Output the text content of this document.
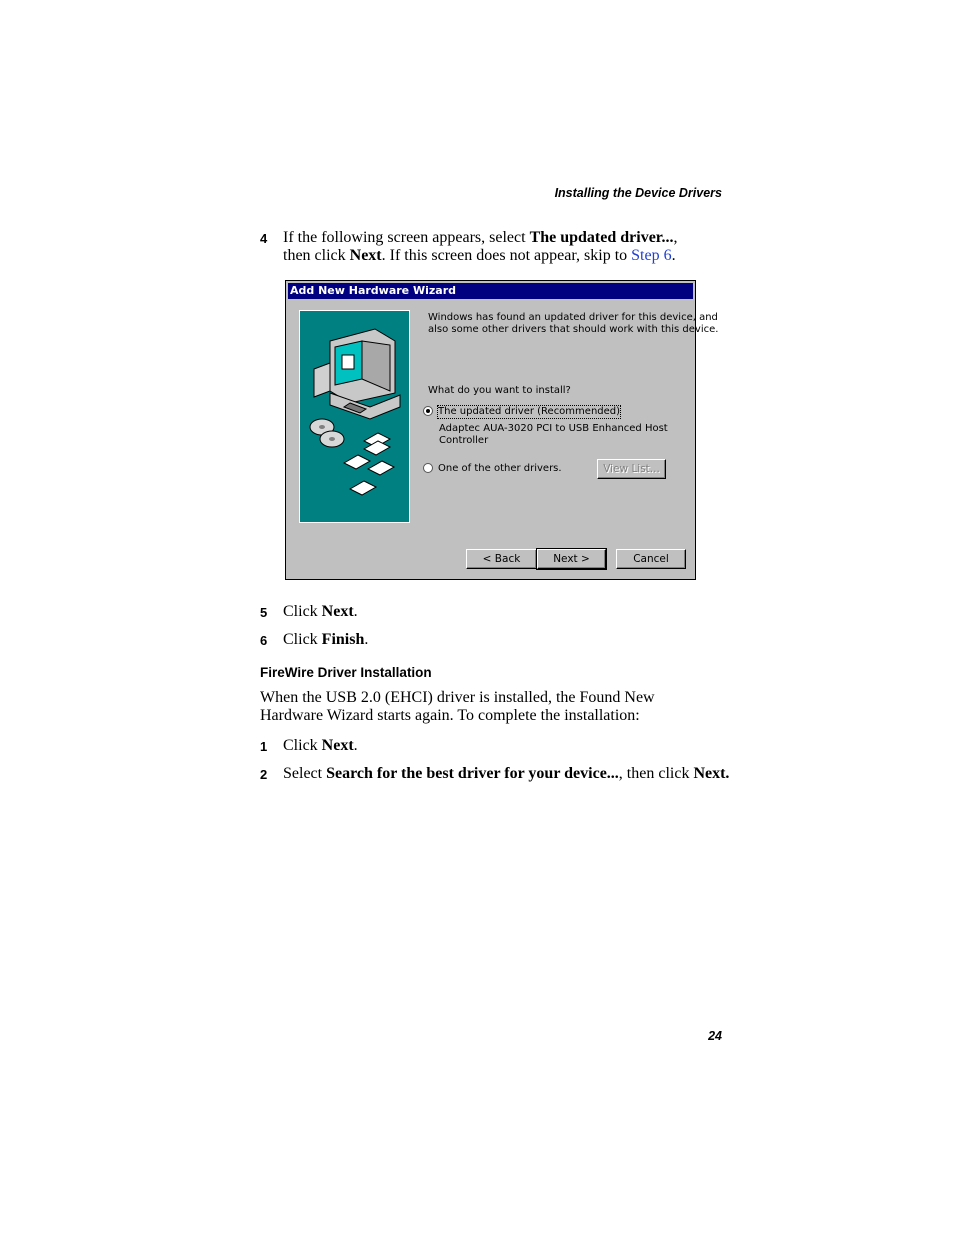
Installing the Device Drivers
4 If the following screen appears, select The updated driver...,
then click Next. If this screen does not appear, skip to Step 6.
Add New Hardware Wizard
Windows has found an updated driver for this device, and
also some other drivers that should work with this device.
What do you want to install?
The updated driver (Recommended)
Adaptec AUA-3020 PCI to USB Enhanced Host
Controller
One of the other drivers.	View List...
< Back	Next >	Cancel
5 Click Next.
6 Click Finish.
FireWire Driver Installation
When the USB 2.0 (EHCI) driver is installed, the Found New
Hardware Wizard starts again. To complete the installation:
1 Click Next.
2 Select Search for the best driver for your device..., then click Next.
24
